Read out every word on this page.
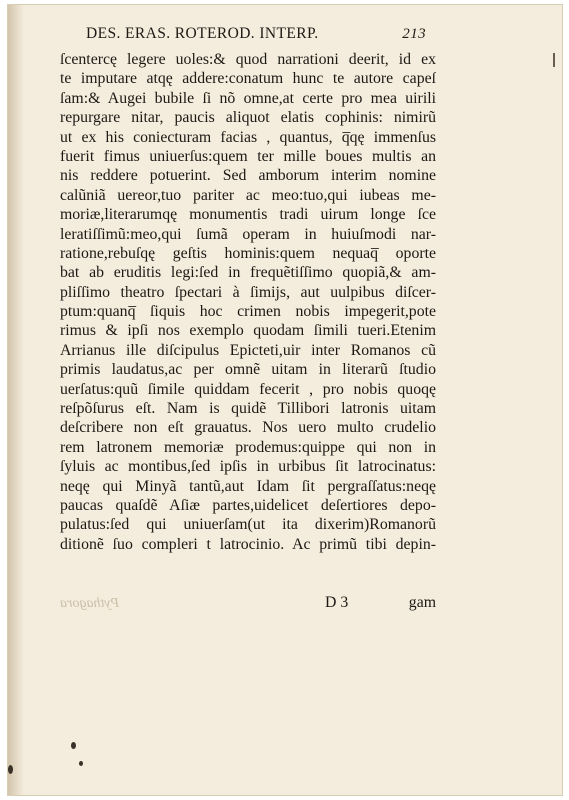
DES. ERAS. ROTEROD. INTERP.	213
ſcentercę legere uoles:& quod narrationi deerit, id ex
te imputare atqę addere:conatum hunc te autore capeſ
ſam:& Augei bubile ſi nõ omne,at certe pro mea uirili
repurgare nitar, paucis aliquot elatis cophinis: nimirũ
ut ex his coniecturam facias , quantus, q̅qę immenſus
fuerit fimus uniuerſus:quem ter mille boues multis an
nis reddere potuerint. Sed amborum interim nomine
calũniã uereor,tuo pariter ac meo:tuo,qui iubeas me-
moriæ,literarumqę monumentis tradi uirum longe ſce
leratiſſimũ:meo,qui ſumã operam in huiuſmodi nar-
ratione,rebuſqę geſtis hominis:quem nequaq̅ oporte
bat ab eruditis legi:ſed in frequẽtiſſimo quopiã,& am-
pliſſimo theatro ſpectari à ſimijs, aut uulpibus diſcer-
ptum:quanq̅ ſiquis hoc crimen nobis impegerit,pote
rimus & ipſi nos exemplo quodam ſimili tueri.Etenim
Arrianus ille diſcipulus Epicteti,uir inter Romanos cũ
primis laudatus,ac per omnẽ uitam in literarũ ſtudio
uerſatus:quũ ſimile quiddam fecerit , pro nobis quoqę
reſpõſurus eſt. Nam is quidẽ Tillibori latronis uitam
deſcribere non eſt grauatus. Nos uero multo crudelio
rem latronem memoriæ prodemus:quippe qui non in
ſyluis ac montibus,ſed ipſis in urbibus ſit latrocinatus:
neqę qui Minyã tantũ,aut Idam ſit pergraſſatus:neqę
paucas quaſdẽ Aſiæ partes,uidelicet deſertiores depo-
pulatus:ſed qui uniuerſam(ut ita dixerim)Romanorũ
ditionẽ ſuo compleri t latrocinio. Ac primũ tibi depin-
Pythagora	D 3	gam
